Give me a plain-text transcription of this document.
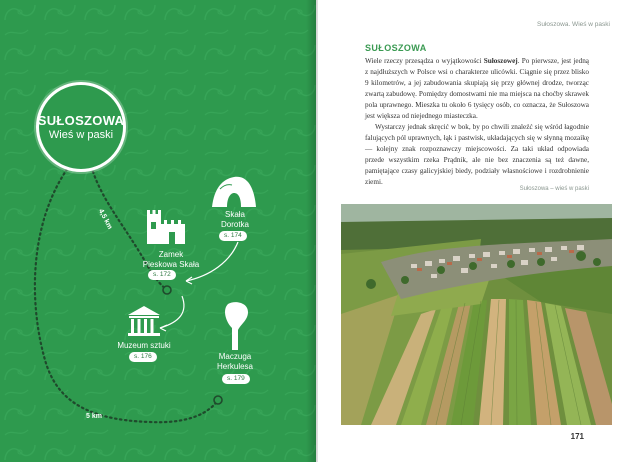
SUŁOSZOWA
Wieś w paski
4,5 km
5 km
Skała
Dorotka
s. 174
Zamek
Pieskowa Skała
s. 172
Muzeum sztuki
s. 176	Maczuga
Herkulesa
s. 179
Sułoszowa. Wieś w paski
SUŁOSZOWA

Wiele rzeczy przesądza o wyjątkowości Sułoszowej. Po pierwsze, jest jedną z najdłuższych w Polsce wsi o charakterze ulicówki. Ciągnie się przez blisko 9 kilometrów, a jej zabudowania skupiają się przy głównej drodze, tworząc zwartą zabudowę. Pomiędzy domostwami nie ma miejsca na choćby skrawek pola uprawnego. Mieszka tu około 6 tysięcy osób, co oznacza, że Sułoszowa jest większa od niejednego miasteczka.

Wystarczy jednak skręcić w bok, by po chwili znaleźć się wśród łagodnie falujących pól uprawnych, łąk i pastwisk, układających się w słynną mozaikę — kolejny znak rozpoznawczy miejscowości. Za taki układ odpowiada przede wszystkim rzeka Prądnik, ale nie bez znaczenia są też dawne, pamiętające czasy galicyjskiej biedy, podziały własnościowe i rozdrobnienie ziemi.

Sułoszowa – wieś w paski
171
